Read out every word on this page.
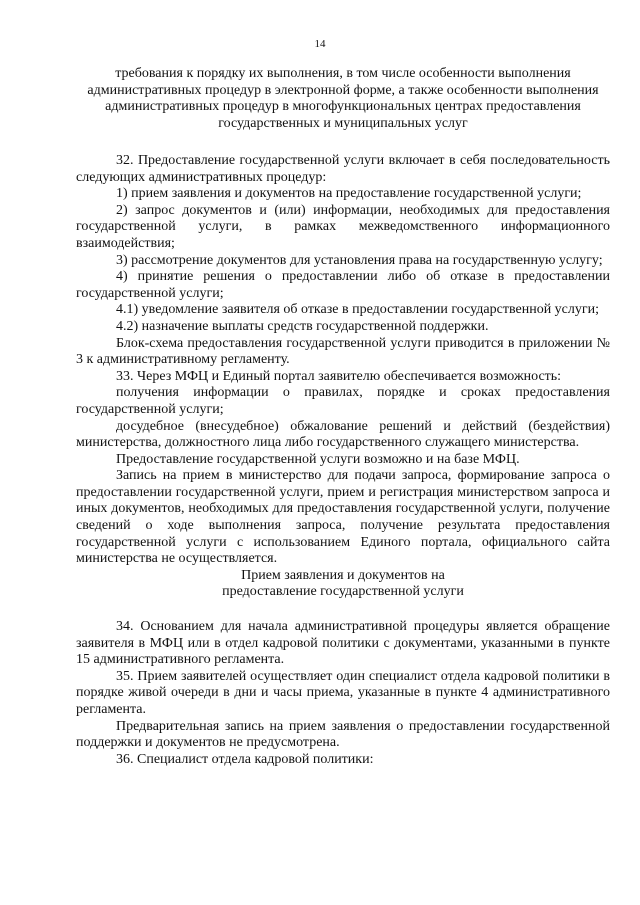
14
требования к порядку их выполнения, в том числе особенности выполнения административных процедур в электронной форме, а также особенности выполнения административных процедур в многофункциональных центрах предоставления государственных и муниципальных услуг

32. Предоставление государственной услуги включает в себя последовательность следующих административных процедур:

1) прием заявления и документов на предоставление государственной услуги;

2) запрос документов и (или) информации, необходимых для предоставления государственной услуги, в рамках межведомственного информационного взаимодействия;

3) рассмотрение документов для установления права на государственную услугу;

4) принятие решения о предоставлении либо об отказе в предоставлении государственной услуги;

4.1) уведомление заявителя об отказе в предоставлении государственной услуги;

4.2) назначение выплаты средств государственной поддержки.

Блок-схема предоставления государственной услуги приводится в приложении № 3 к административному регламенту.

33. Через МФЦ и Единый портал заявителю обеспечивается возможность:

получения информации о правилах, порядке и сроках предоставления государственной услуги;

досудебное (внесудебное) обжалование решений и действий (бездействия) министерства, должностного лица либо государственного служащего министерства.

Предоставление государственной услуги возможно и на базе МФЦ.

Запись на прием в министерство для подачи запроса, формирование запроса о предоставлении государственной услуги, прием и регистрация министерством запроса и иных документов, необходимых для предоставления государственной услуги, получение сведений о ходе выполнения запроса, получение результата предоставления государственной услуги с использованием Единого портала, официального сайта министерства не осуществляется.

Прием заявления и документов на

предоставление государственной услуги

34. Основанием для начала административной процедуры является обращение заявителя в МФЦ или в отдел кадровой политики с документами, указанными в пункте 15 административного регламента.

35. Прием заявителей осуществляет один специалист отдела кадровой политики в порядке живой очереди в дни и часы приема, указанные в пункте 4 административного регламента.

Предварительная запись на прием заявления о предоставлении государственной поддержки и документов не предусмотрена.

36. Специалист отдела кадровой политики:
